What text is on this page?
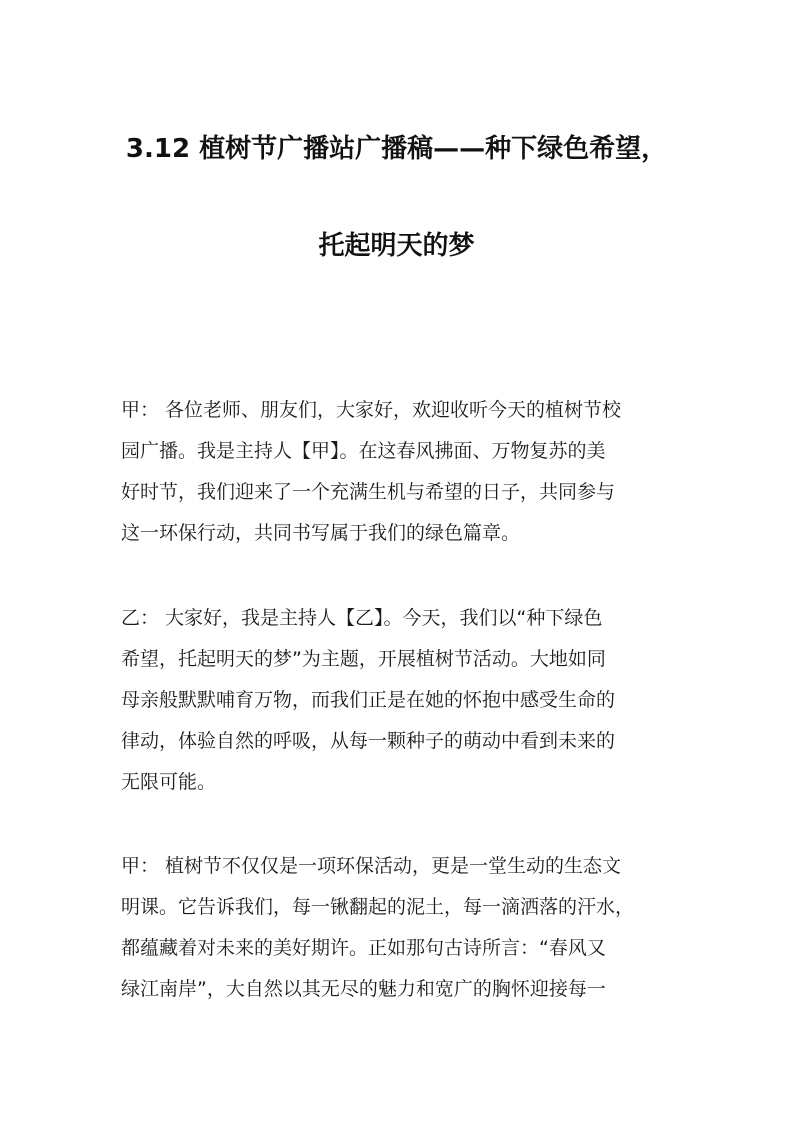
3.12 植树节广播站广播稿——种下绿色希望，
托起明天的梦

甲： 各位老师、朋友们，大家好，欢迎收听今天的植树节校
园广播。我是主持人【甲】。在这春风拂面、万物复苏的美
好时节，我们迎来了一个充满生机与希望的日子，共同参与
这一环保行动，共同书写属于我们的绿色篇章。

乙： 大家好，我是主持人【乙】。今天，我们以“种下绿色
希望，托起明天的梦”为主题，开展植树节活动。大地如同
母亲般默默哺育万物，而我们正是在她的怀抱中感受生命的
律动，体验自然的呼吸，从每一颗种子的萌动中看到未来的
无限可能。

甲： 植树节不仅仅是一项环保活动，更是一堂生动的生态文
明课。它告诉我们，每一锹翻起的泥土，每一滴洒落的汗水，
都蕴藏着对未来的美好期许。正如那句古诗所言：“春风又
绿江南岸”，大自然以其无尽的魅力和宽广的胸怀迎接每一
